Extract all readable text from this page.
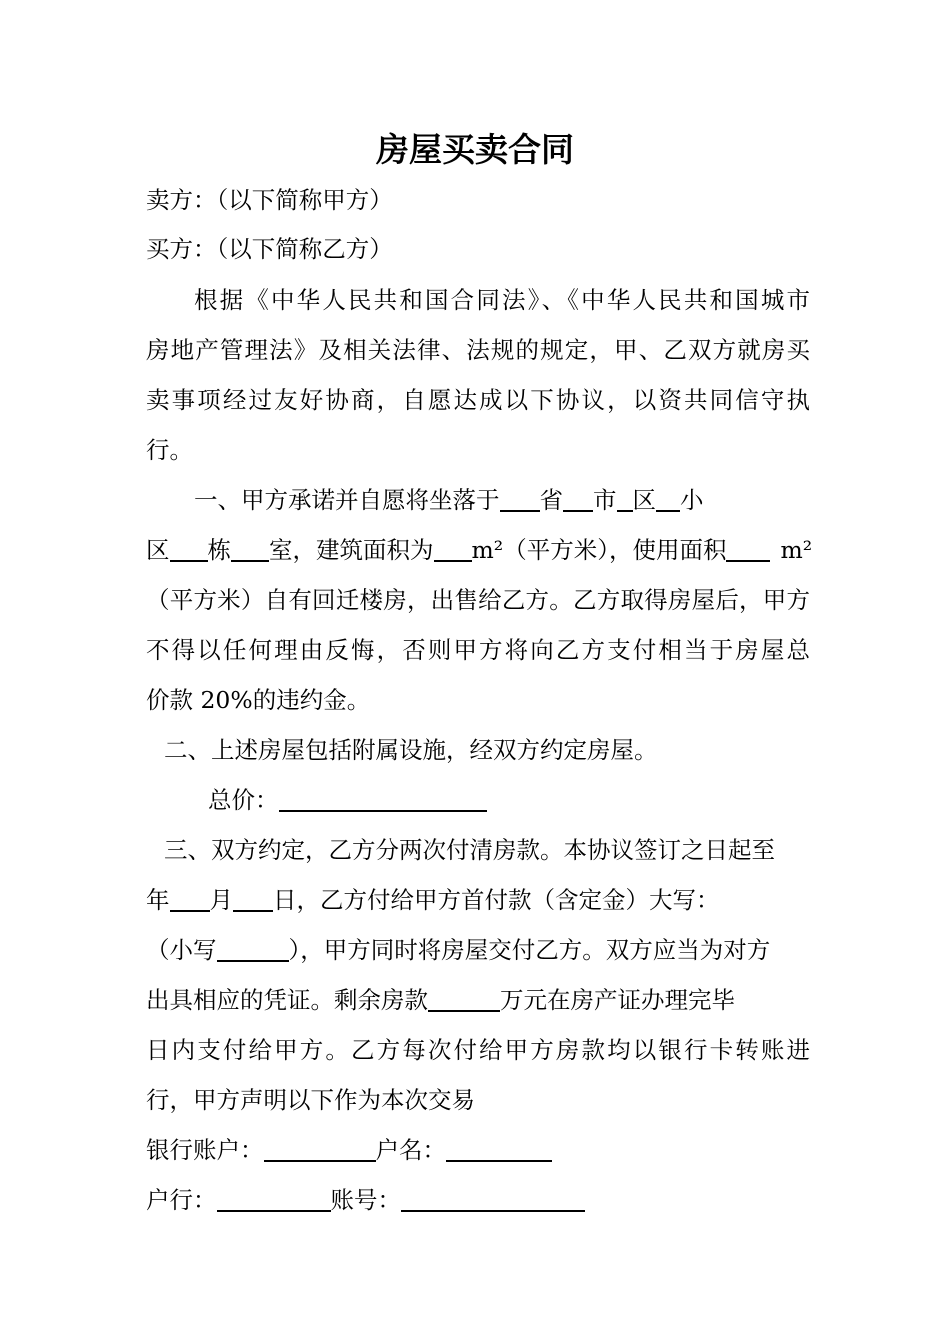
房屋买卖合同
卖方：（以下简称甲方）
买方：（以下简称乙方）
根据《中华人民共和国合同法》、《中华人民共和国城市
房地产管理法》及相关法律、法规的规定，甲、乙双方就房买
卖事项经过友好协商，自愿达成以下协议，以资共同信守执
行。
一、甲方承诺并自愿将坐落于 省 市 区 小
区 栋 室，建筑面积为 m²（平方米），使用面积 m²
（平方米）自有回迁楼房，出售给乙方。乙方取得房屋后，甲方
不得以任何理由反悔，否则甲方将向乙方支付相当于房屋总
价款 20%的违约金。
二、上述房屋包括附属设施，经双方约定房屋。
总价：
三、双方约定，乙方分两次付清房款。本协议签订之日起至
年 月 日，乙方付给甲方首付款（含定金）大写：
（小写	），甲方同时将房屋交付乙方。双方应当为对方
出具相应的凭证。剩余房款	万元在房产证办理完毕
日内支付给甲方。乙方每次付给甲方房款均以银行卡转账进
行，甲方声明以下作为本次交易
银行账户：	户名：
户行：	账号：
